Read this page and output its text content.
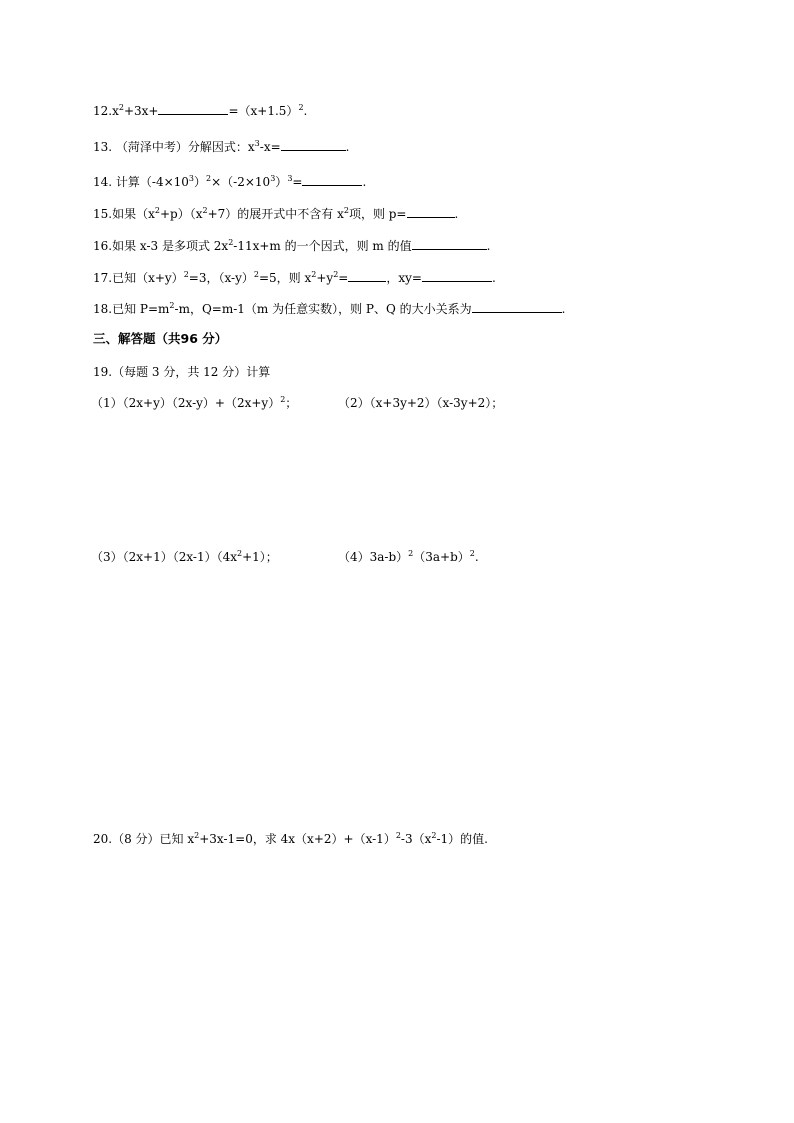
$12.x^2+3x+$	$=(x+1.5)^2$.
13. （菏泽中考）分解因式：$x^3-x=$	.
14. 计算$(-4\times 10^3)^2\times(-2\times 10^3)^3=$	.
15.如果$(x^2+p)(x^2+7)$的展开式中不含有 $x^2$项，则 p=	.
16.如果 x-3 是多项式 $2x^2-11x+m$ 的一个因式，则 m 的值	.
17.已知$(x+y)^2=3$，$(x-y)^2=5$，则 $x^2+y^2=$	，xy=	.
18.已知 $P=m^2-m$，Q=m-1（m 为任意实数），则 P、Q 的大小关系为	.
三、解答题（共96 分）
19.（每题 3 分，共 12 分）计算
$(1)(2x+y)(2x-y)+(2x+y)^2$；	（2）（x+3y+2）（x-3y+2）；
$(3)(2x+1)(2x-1)(4x^2+1)$；	$(4)3a-b)^2(3a+b)^2$.
20.（8 分）已知 $x^2+3x-1=0$，求 $4x(x+2)+(x-1)^2-3(x^2-1)$的值.
